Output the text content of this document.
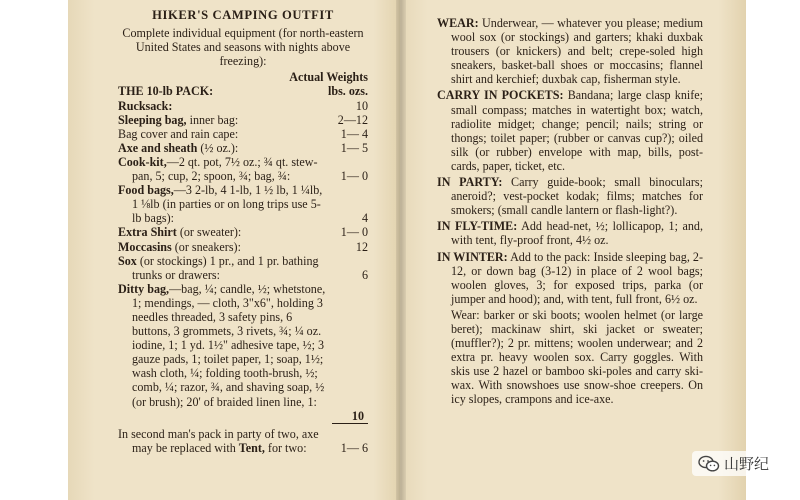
HIKER'S CAMPING OUTFIT

Complete individual equipment (for north-eastern United States and seasons with nights above freezing):

Actual Weights
THE 10-lb PACK:	lbs. ozs.
Rucksack:	10
Sleeping bag, inner bag:	2—12
Bag cover and rain cape:	1— 4
Axe and sheath (½ oz.):	1— 5
Cook-kit,—2 qt. pot, 7½ oz.; ¾ qt. stew-pan, 5; cup, 2; spoon, ¾; bag, ¾:	1— 0
Food bags,—3 2-lb, 4 1-lb, 1 ½ lb, 1 ¼lb, 1 ⅛lb (in parties or on long trips use 5-lb bags):	4
Extra Shirt (or sweater):	1— 0
Moccasins (or sneakers):	12
Sox (or stockings) 1 pr., and 1 pr. bathing trunks or drawers:	6
Ditty bag,—bag, ¼; candle, ½; whetstone, 1; mendings, — cloth, 3"x6", holding 3 needles threaded, 3 safety pins, 6 buttons, 3 grommets, 3 rivets, ¾; ¼ oz. iodine, 1; 1 yd. 1½" adhesive tape, ½; 3 gauze pads, 1; toilet paper, 1; soap, 1½; wash cloth, ¼; folding tooth-brush, ½; comb, ¼; razor, ¾, and shaving soap, ½ (or brush); 20' of braided linen line, 1:
10
In second man's pack in party of two, axe may be replaced with Tent, for two:	1— 6

WEAR: Underwear, — whatever you please; medium wool sox (or stockings) and garters; khaki duxbak trousers (or knickers) and belt; crepe-soled high sneakers, basket-ball shoes or moccasins; flannel shirt and kerchief; duxbak cap, fisherman style.

CARRY IN POCKETS: Bandana; large clasp knife; small compass; matches in watertight box; watch, radiolite midget; change; pencil; nails; string or thongs; toilet paper; (rubber or canvas cup?); oiled silk (or rubber) envelope with map, bills, post-cards, paper, ticket, etc.

IN PARTY: Carry guide-book; small binoculars; aneroid?; vest-pocket kodak; films; matches for smokers; (small candle lantern or flash-light?).

IN FLY-TIME: Add head-net, ½; lollicapop, 1; and, with tent, fly-proof front, 4½ oz.

IN WINTER: Add to the pack: Inside sleeping bag, 2-12, or down bag (3-12) in place of 2 wool bags; woolen gloves, 3; for exposed trips, parka (or jumper and hood); and, with tent, full front, 6½ oz.

Wear: barker or ski boots; woolen helmet (or large beret); mackinaw shirt, ski jacket or sweater; (muffler?); 2 pr. mittens; woolen underwear; and 2 extra pr. heavy woolen sox. Carry goggles. With skis use 2 hazel or bamboo ski-poles and carry ski-wax. With snowshoes use snow-shoe creepers. On icy slopes, crampons and ice-axe.

山野纪
